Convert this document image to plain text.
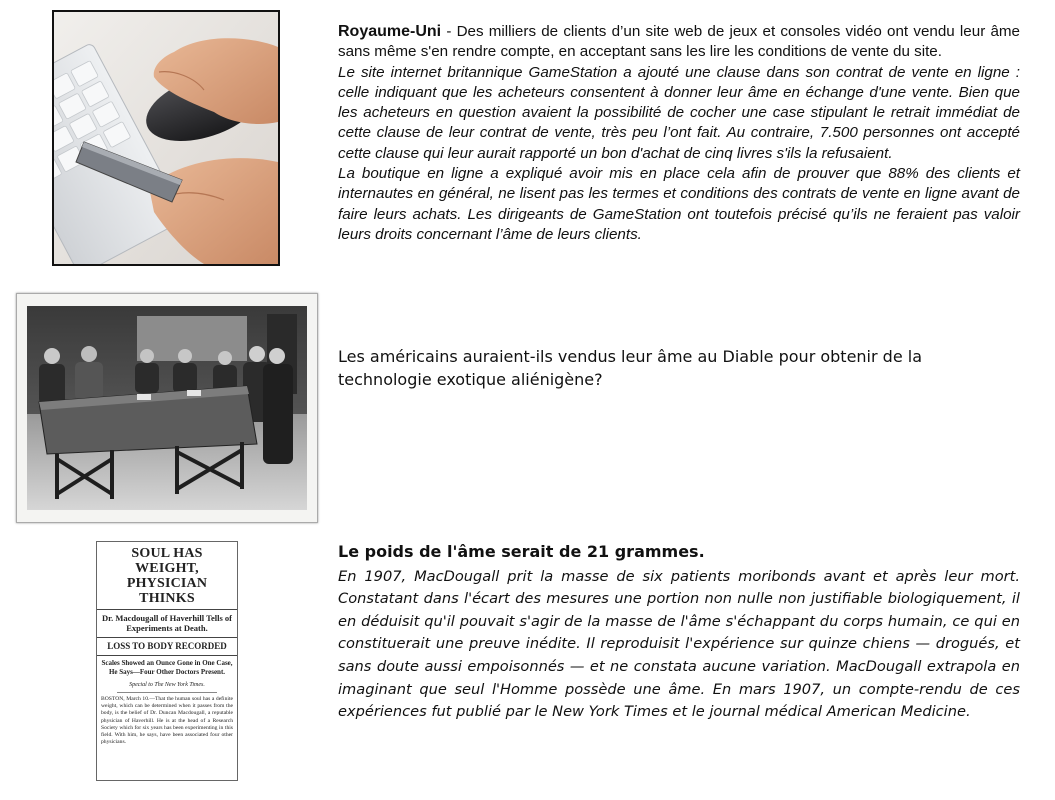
Royaume-Uni - Des milliers de clients d’un site web de jeux et consoles vidéo ont vendu leur âme sans même s'en rendre compte, en acceptant sans les lire les conditions de vente du site.

Le site internet britannique GameStation a ajouté une clause dans son contrat de vente en ligne : celle indiquant que les acheteurs consentent à donner leur âme en échange d'une vente. Bien que les acheteurs en question avaient la possibilité de cocher une case stipulant le retrait immédiat de cette clause de leur contrat de vente, très peu l’ont fait. Au contraire, 7.500 personnes ont accepté cette clause qui leur aurait rapporté un bon d'achat de cinq livres s'ils la refusaient.

La boutique en ligne a expliqué avoir mis en place cela afin de prouver que 88% des clients et internautes en général, ne lisent pas les termes et conditions des contrats de vente en ligne avant de faire leurs achats. Les dirigeants de GameStation ont toutefois précisé qu’ils ne feraient pas valoir leurs droits concernant l’âme de leurs clients.

Les américains auraient-ils vendus leur âme au Diable pour obtenir de la technologie exotique aliénigène?
SOUL HAS WEIGHT, PHYSICIAN THINKS
Dr. Macdougall of Haverhill Tells of Experiments at Death.
LOSS TO BODY RECORDED
Scales Showed an Ounce Gone in One Case, He Says—Four Other Doctors Present.
Special to The New York Times.
BOSTON, March 10.—That the human soul has a definite weight, which can be determined when it passes from the body, is the belief of Dr. Duncan Macdougall, a reputable physician of Haverhill. He is at the head of a Research Society which for six years has been experimenting in this field. With him, he says, have been associated four other physicians.

Le poids de l'âme serait de 21 grammes.

En 1907, MacDougall prit la masse de six patients moribonds avant et après leur mort. Constatant dans l'écart des mesures une portion non nulle non justifiable biologiquement, il en déduisit qu'il pouvait s'agir de la masse de l'âme s'échappant du corps humain, ce qui en constituerait une preuve inédite. Il reproduisit l'expérience sur quinze chiens — drogués, et sans doute aussi empoisonnés — et ne constata aucune variation. MacDougall extrapola en imaginant que seul l'Homme possède une âme. En mars 1907, un compte-rendu de ces expériences fut publié par le New York Times et le journal médical American Medicine.
